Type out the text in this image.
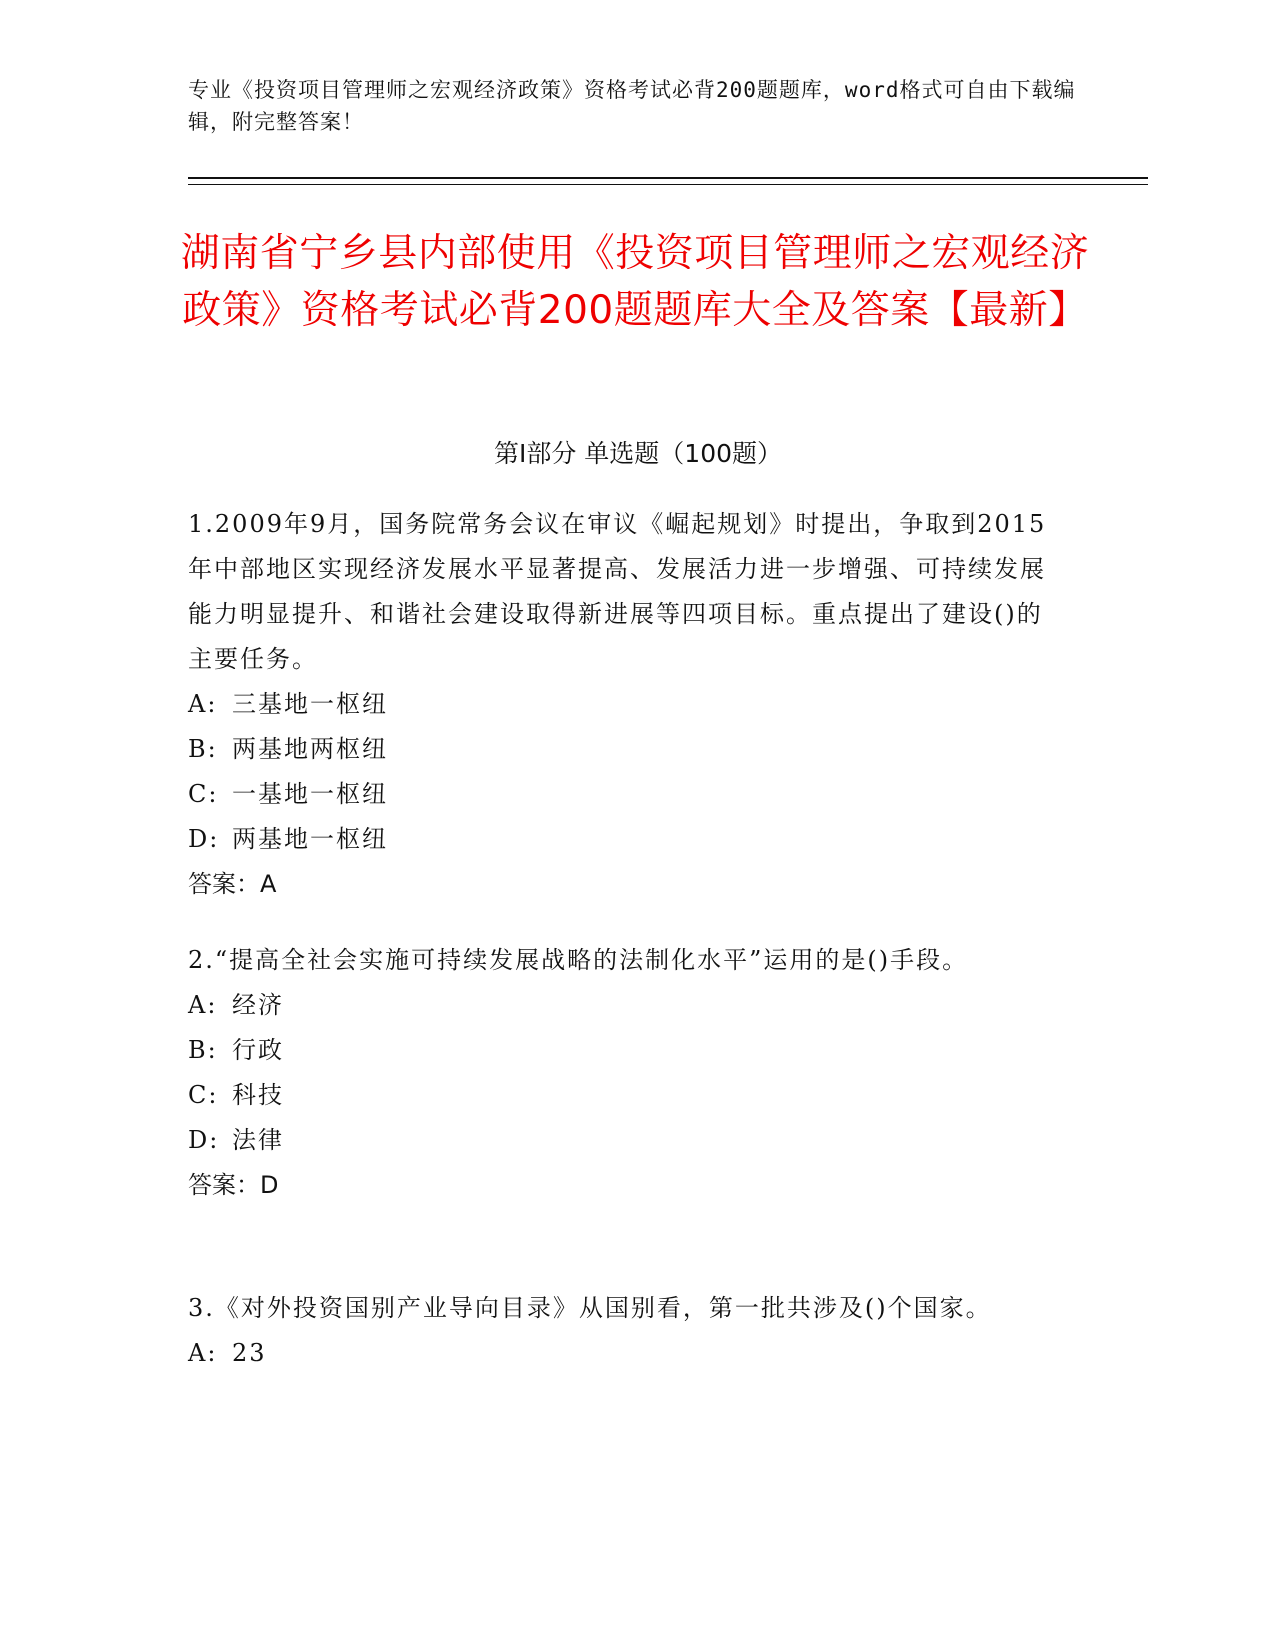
专业《投资项目管理师之宏观经济政策》资格考试必背200题题库，word格式可自由下载编辑，附完整答案！
湖南省宁乡县内部使用《投资项目管理师之宏观经济政策》资格考试必背200题题库大全及答案【最新】
第Ⅰ部分 单选题（100题）
1.2009年9月，国务院常务会议在审议《崛起规划》时提出，争取到2015年中部地区实现经济发展水平显著提高、发展活力进一步增强、可持续发展能力明显提升、和谐社会建设取得新进展等四项目标。重点提出了建设()的主要任务。
A: 三基地一枢纽
B: 两基地两枢纽
C: 一基地一枢纽
D: 两基地一枢纽
答案：A
2.“提高全社会实施可持续发展战略的法制化水平”运用的是()手段。
A: 经济
B: 行政
C: 科技
D: 法律
答案：D
3.《对外投资国别产业导向目录》从国别看，第一批共涉及()个国家。
A: 23
